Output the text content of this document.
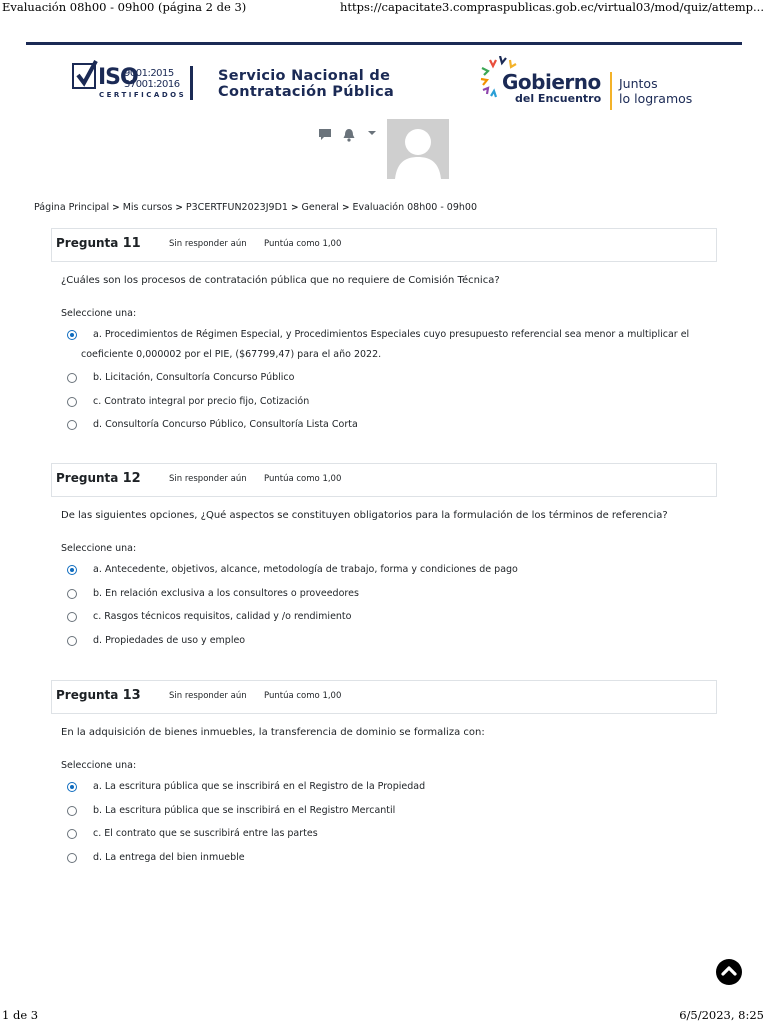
Evaluación 08h00 - 09h00 (página 2 de 3)	https://capacitate3.compraspublicas.gob.ec/virtual03/mod/quiz/attemp...
ISO
9001:2015
37001:2016
CERTIFICADOS
Servicio Nacional de
Contratación Pública	Gobierno
del Encuentro
Juntos
lo logramos
Página Principal > Mis cursos > P3CERTFUN2023J9D1 > General > Evaluación 08h00 - 09h00
Pregunta 11	Sin responder aún Puntúa como 1,00
¿Cuáles son los procesos de contratación pública que no requiere de Comisión Técnica?
Seleccione una:
a. Procedimientos de Régimen Especial, y Procedimientos Especiales cuyo presupuesto referencial sea menor a multiplicar el coeficiente 0,000002 por el PIE, ($67799,47) para el año 2022.
b. Licitación, Consultoría Concurso Público
c. Contrato integral por precio fijo, Cotización
d. Consultoría Concurso Público, Consultoría Lista Corta
Pregunta 12	Sin responder aún Puntúa como 1,00
De las siguientes opciones, ¿Qué aspectos se constituyen obligatorios para la formulación de los términos de referencia?
Seleccione una:
a. Antecedente, objetivos, alcance, metodología de trabajo, forma y condiciones de pago
b. En relación exclusiva a los consultores o proveedores
c. Rasgos técnicos requisitos, calidad y /o rendimiento
d. Propiedades de uso y empleo
Pregunta 13	Sin responder aún Puntúa como 1,00
En la adquisición de bienes inmuebles, la transferencia de dominio se formaliza con:
Seleccione una:
a. La escritura pública que se inscribirá en el Registro de la Propiedad
b. La escritura pública que se inscribirá en el Registro Mercantil
c. El contrato que se suscribirá entre las partes
d. La entrega del bien inmueble
1 de 3	6/5/2023, 8:25
